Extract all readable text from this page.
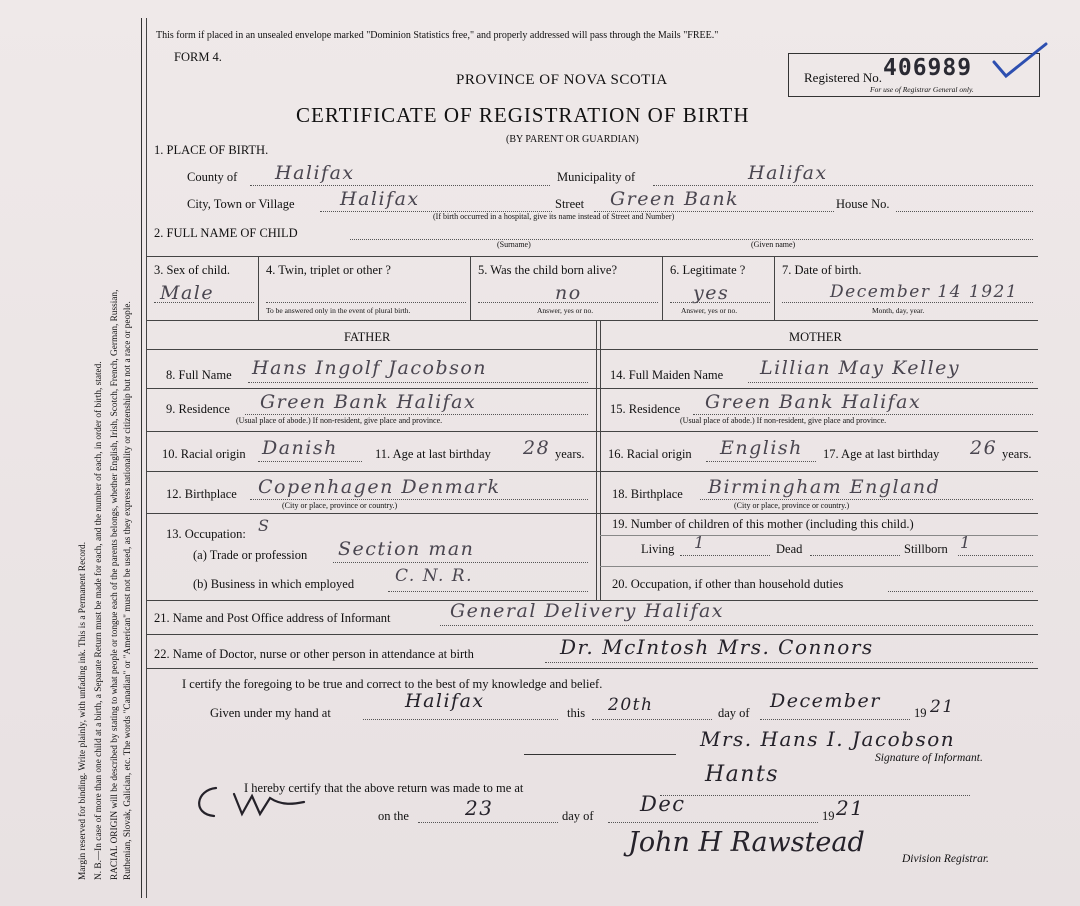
Margin reserved for binding. Write plainly, with unfading ink. This is a Permanent Record. N. B.—In case of more than one child at a birth, a Separate Return must be made for each, and the number of each, in order of birth, stated. RACIAL ORIGIN will be described by stating to what people or tongue each of the parents belongs, whether English, Irish, Scotch, French, German, Russian, Ruthenian, Slovak, Galician, etc. The words "Canadian" or "American" must not be used, as they express nationality or citizenship but not a race or people.
This form if placed in an unsealed envelope marked "Dominion Statistics free," and properly addressed will pass through the Mails "FREE."
FORM 4.
PROVINCE OF NOVA SCOTIA
CERTIFICATE OF REGISTRATION OF BIRTH
(BY PARENT OR GUARDIAN)
Registered No. 406989
For use of Registrar General only.
1. PLACE OF BIRTH.
County of Halifax	Municipality of	Halifax
City, Town or Village Halifax	Street Green Bank
(If birth occurred in a hospital, give its name instead of Street and Number)
House No.
2. FULL NAME OF CHILD
(Surname)	(Given name)
3. Sex of child.
Male
4. Twin, triplet or other ?
To be answered only in the event of plural birth.
5. Was the child born alive?
no
Answer, yes or no.
6. Legitimate ?
yes
Answer, yes or no.
7. Date of birth.
December 14 1921
Month, day, year.
FATHER	MOTHER
8. Full Name Hans Ingolf Jacobson	14. Full Maiden Name Lillian May Kelley
9. Residence Green Bank Halifax
(Usual place of abode.) If non-resident, give place and province.
15. Residence Green Bank Halifax
(Usual place of abode.) If non-resident, give place and province.
10. Racial origin Danish	11. Age at last birthday 28 years. 16. Racial origin English 17. Age at last birthday 26 years.
12. Birthplace Copenhagen Denmark
(City or place, province or country.)
18. Birthplace Birmingham England
(City or place, province or country.)
13. Occupation: S	19. Number of children of this mother (including this child.)
(a) Trade or profession Section man	Living 1	Dead	Stillborn 1
(b) Business in which employed C. N. R.	20. Occupation, if other than household duties
21. Name and Post Office address of Informant	General Delivery Halifax
22. Name of Doctor, nurse or other person in attendance at birth	Dr. McIntosh Mrs. Connors
I certify the foregoing to be true and correct to the best of my knowledge and belief.
Given under my hand at
Halifax
this 20th	day of
December
19 21
Mrs. Hans I. Jacobson
Signature of Informant.
I hereby certify that the above return was made to me at
Hants
on the	23	day of Dec	19 21
John H Rawstead
Division Registrar.
